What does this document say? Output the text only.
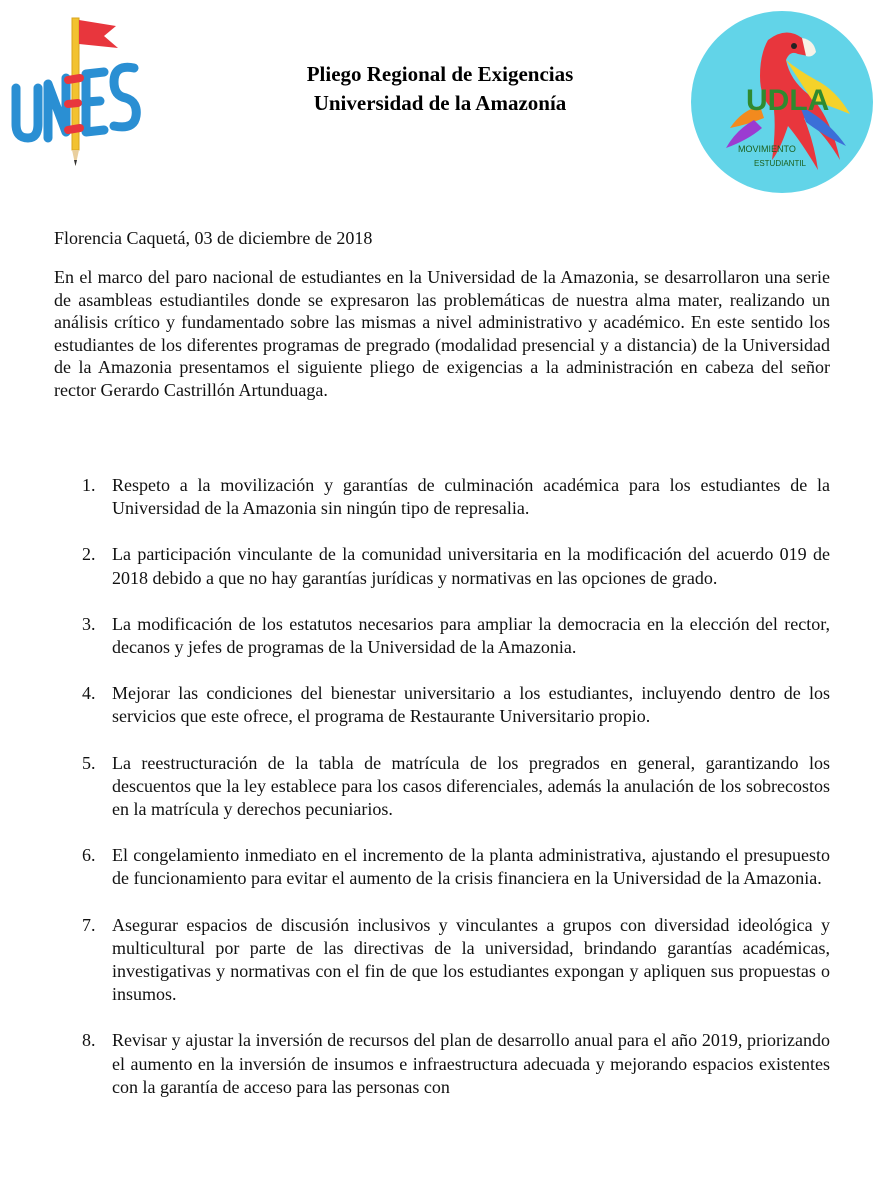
Pliego Regional de Exigencias
Universidad de la Amazonía	UDLA
MOVIMIENTO
ESTUDIANTIL
Florencia Caquetá, 03 de diciembre de 2018
En el marco del paro nacional de estudiantes en la Universidad de la Amazonia, se desarrollaron una serie de asambleas estudiantiles donde se expresaron las problemáticas de nuestra alma mater, realizando un análisis crítico y fundamentado sobre las mismas a nivel administrativo y académico. En este sentido los estudiantes de los diferentes programas de pregrado (modalidad presencial y a distancia) de la Universidad de la Amazonia presentamos el siguiente pliego de exigencias a la administración en cabeza del señor rector Gerardo Castrillón Artunduaga.
1. Respeto a la movilización y garantías de culminación académica para los estudiantes de la Universidad de la Amazonia sin ningún tipo de represalia.
2. La participación vinculante de la comunidad universitaria en la modificación del acuerdo 019 de 2018 debido a que no hay garantías jurídicas y normativas en las opciones de grado.
3. La modificación de los estatutos necesarios para ampliar la democracia en la elección del rector, decanos y jefes de programas de la Universidad de la Amazonia.
4. Mejorar las condiciones del bienestar universitario a los estudiantes, incluyendo dentro de los servicios que este ofrece, el programa de Restaurante Universitario propio.
5. La reestructuración de la tabla de matrícula de los pregrados en general, garantizando los descuentos que la ley establece para los casos diferenciales, además la anulación de los sobrecostos en la matrícula y derechos pecuniarios.
6. El congelamiento inmediato en el incremento de la planta administrativa, ajustando el presupuesto de funcionamiento para evitar el aumento de la crisis financiera en la Universidad de la Amazonia.
7. Asegurar espacios de discusión inclusivos y vinculantes a grupos con diversidad ideológica y multicultural por parte de las directivas de la universidad, brindando garantías académicas, investigativas y normativas con el fin de que los estudiantes expongan y apliquen sus propuestas o insumos.
8. Revisar y ajustar la inversión de recursos del plan de desarrollo anual para el año 2019, priorizando el aumento en la inversión de insumos e infraestructura adecuada y mejorando espacios existentes con la garantía de acceso para las personas con
